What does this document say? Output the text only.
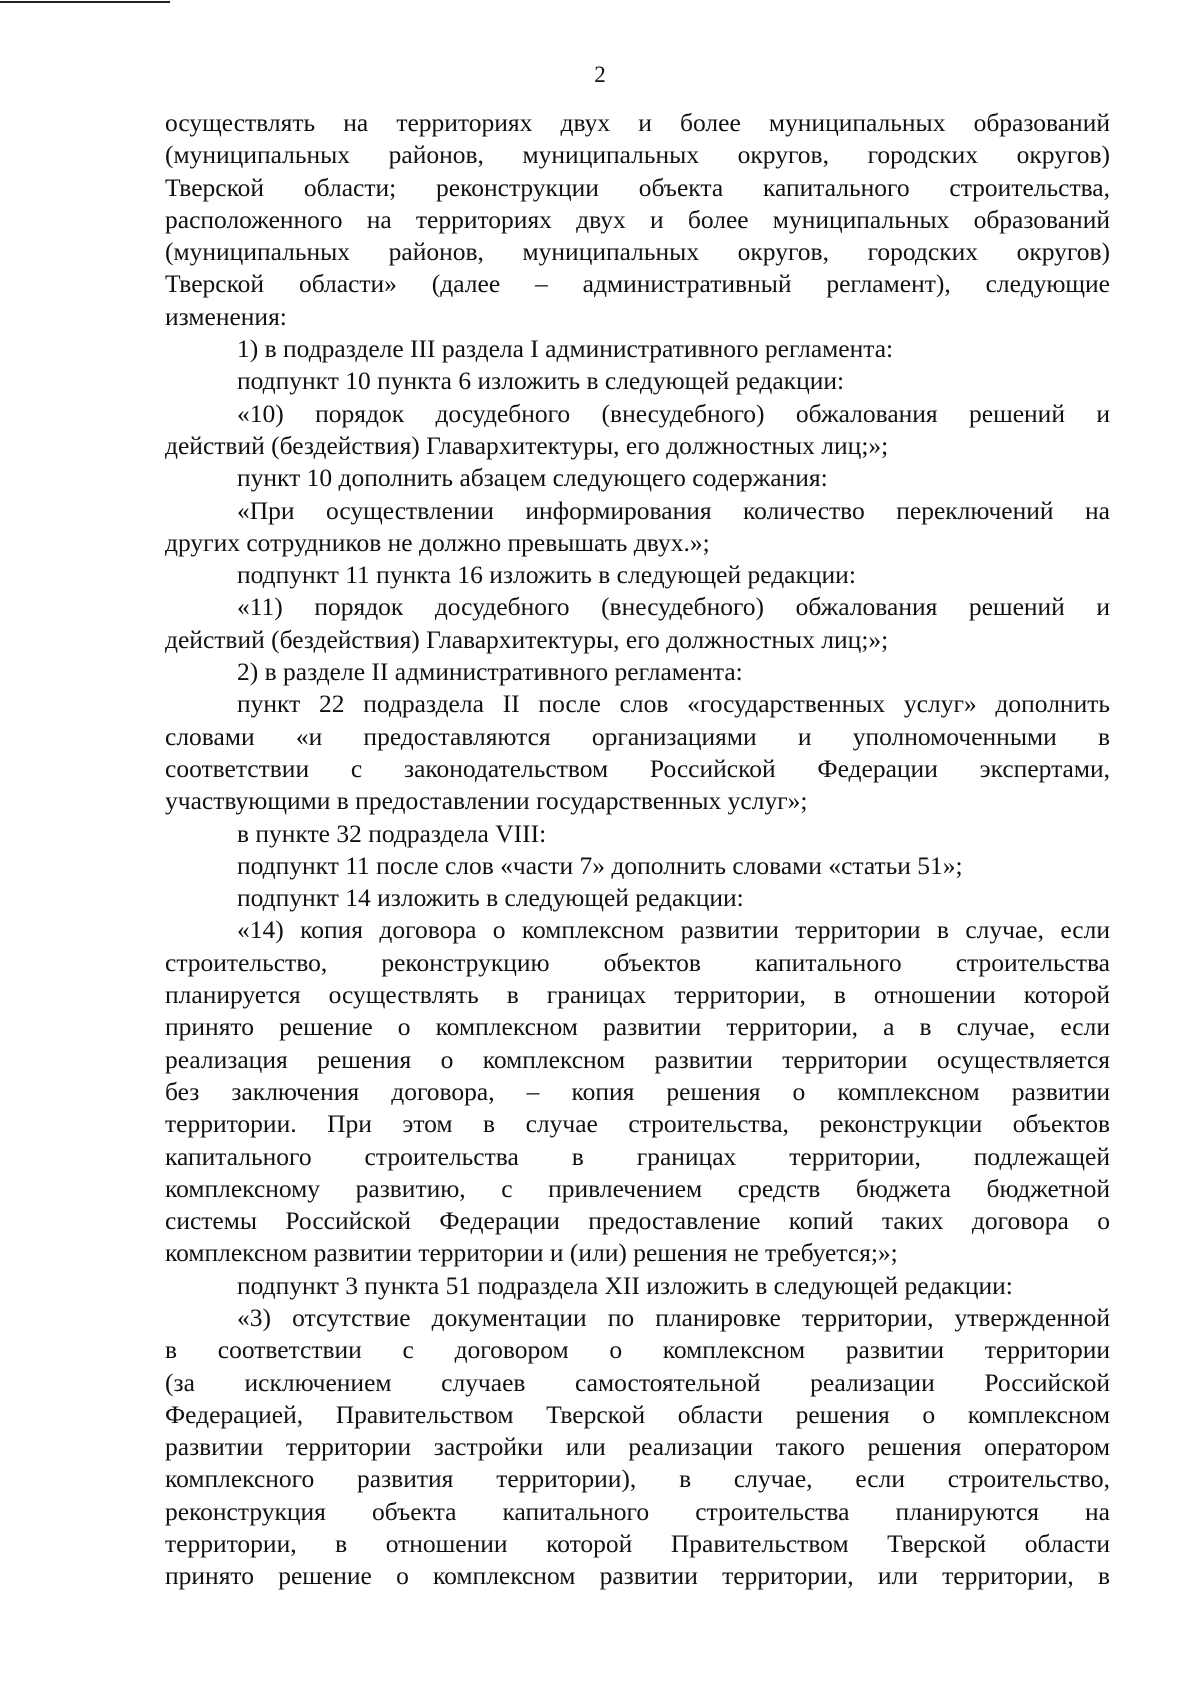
2
осуществлять на территориях двух и более муниципальных образований
(муниципальных районов, муниципальных округов, городских округов)
Тверской области; реконструкции объекта капитального строительства,
расположенного на территориях двух и более муниципальных образований
(муниципальных районов, муниципальных округов, городских округов)
Тверской области» (далее – административный регламент), следующие
изменения:
1) в подразделе III раздела I административного регламента:
подпункт 10 пункта 6 изложить в следующей редакции:
«10) порядок досудебного (внесудебного) обжалования решений и
действий (бездействия) Главархитектуры, его должностных лиц;»;
пункт 10 дополнить абзацем следующего содержания:
«При осуществлении информирования количество переключений на
других сотрудников не должно превышать двух.»;
подпункт 11 пункта 16 изложить в следующей редакции:
«11) порядок досудебного (внесудебного) обжалования решений и
действий (бездействия) Главархитектуры, его должностных лиц;»;
2) в разделе II административного регламента:
пункт 22 подраздела II после слов «государственных услуг» дополнить
словами «и предоставляются организациями и уполномоченными в
соответствии с законодательством Российской Федерации экспертами,
участвующими в предоставлении государственных услуг»;
в пункте 32 подраздела VIII:
подпункт 11 после слов «части 7» дополнить словами «статьи 51»;
подпункт 14 изложить в следующей редакции:
«14) копия договора о комплексном развитии территории в случае, если
строительство, реконструкцию объектов капитального строительства
планируется осуществлять в границах территории, в отношении которой
принято решение о комплексном развитии территории, а в случае, если
реализация решения о комплексном развитии территории осуществляется
без заключения договора, – копия решения о комплексном развитии
территории. При этом в случае строительства, реконструкции объектов
капитального строительства в границах территории, подлежащей
комплексному развитию, с привлечением средств бюджета бюджетной
системы Российской Федерации предоставление копий таких договора о
комплексном развитии территории и (или) решения не требуется;»;
подпункт 3 пункта 51 подраздела XII изложить в следующей редакции:
«3) отсутствие документации по планировке территории, утвержденной
в соответствии с договором о комплексном развитии территории
(за исключением случаев самостоятельной реализации Российской
Федерацией, Правительством Тверской области решения о комплексном
развитии территории застройки или реализации такого решения оператором
комплексного развития территории), в случае, если строительство,
реконструкция объекта капитального строительства планируются на
территории, в отношении которой Правительством Тверской области
принято решение о комплексном развитии территории, или территории, в
